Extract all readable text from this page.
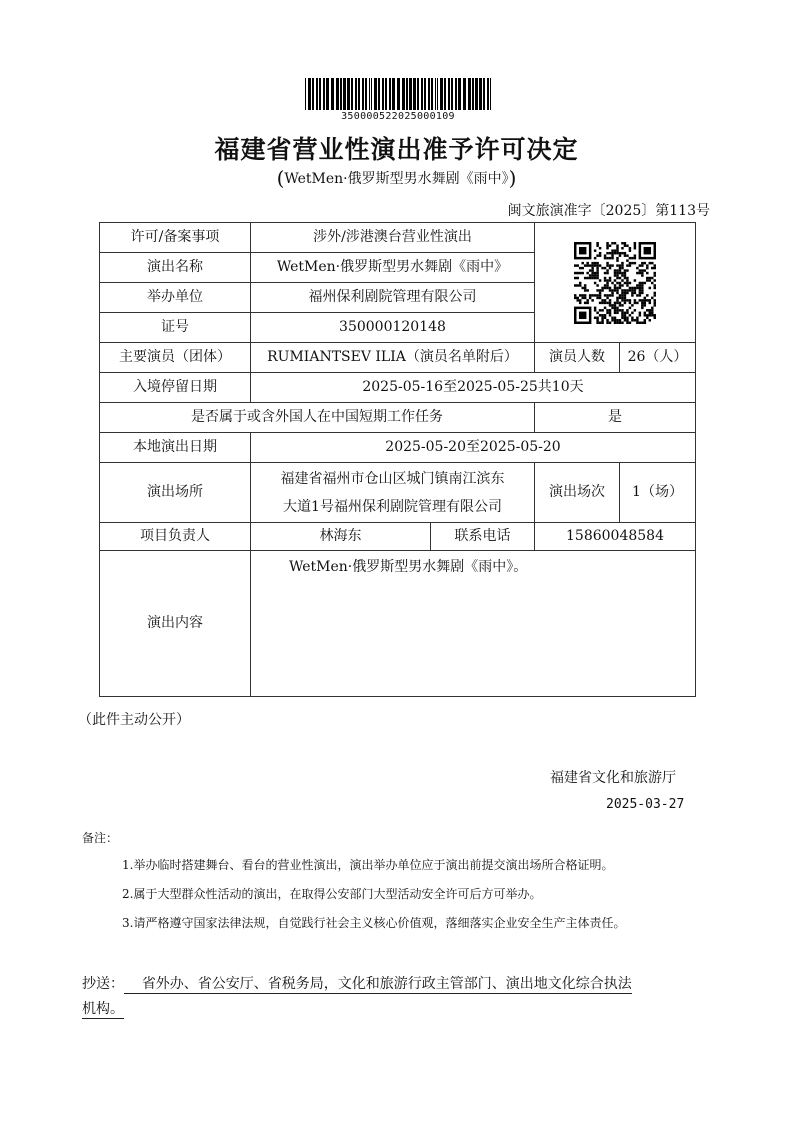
350000522025000109
福建省营业性演出准予许可决定
(WetMen·俄罗斯型男水舞剧《雨中》)
闽文旅演准字〔2025〕第113号
许可/备案事项	涉外/涉港澳台营业性演出	

演出名称	WetMen·俄罗斯型男水舞剧《雨中》			
举办单位	福州保利剧院管理有限公司			
证号	350000120148			
主要演员（团体）	RUMIANTSEV ILIA（演员名单附后）		演员人数	26（人）
入境停留日期	2025-05-16至2025-05-25共10天			
是否属于或含外国人在中国短期工作任务			是	
本地演出日期	2025-05-20至2025-05-20			
演出场所	福建省福州市仓山区城门镇南江滨东
大道1号福州保利剧院管理有限公司		演出场次	1（场）
项目负责人	林海东	联系电话	15860048584	
演出内容	WetMen·俄罗斯型男水舞剧《雨中》。			
（此件主动公开）
福建省文化和旅游厅
2025-03-27
备注：
1.举办临时搭建舞台、看台的营业性演出，演出举办单位应于演出前提交演出场所合格证明。
2.属于大型群众性活动的演出，在取得公安部门大型活动安全许可后方可举办。
3.请严格遵守国家法律法规，自觉践行社会主义核心价值观，落细落实企业安全生产主体责任。
抄送： 省外办、省公安厅、省税务局，文化和旅游行政主管部门、演出地文化综合执法
机构。
